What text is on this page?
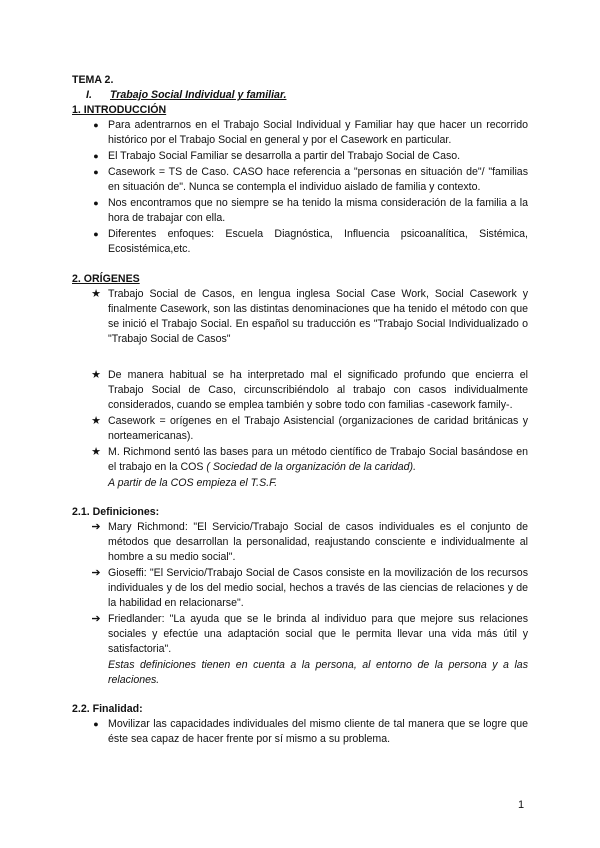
TEMA 2.

I. Trabajo Social Individual y familiar.

1. INTRODUCCIÓN

● Para adentrarnos en el Trabajo Social Individual y Familiar hay que hacer un recorrido histórico por el Trabajo Social en general y por el Casework en particular.
● El Trabajo Social Familiar se desarrolla a partir del Trabajo Social de Caso.
● Casework = TS de Caso. CASO hace referencia a "personas en situación de"/ "familias en situación de". Nunca se contempla el individuo aislado de familia y contexto.
● Nos encontramos que no siempre se ha tenido la misma consideración de la familia a la hora de trabajar con ella.
● Diferentes enfoques: Escuela Diagnóstica, Influencia psicoanalítica, Sistémica, Ecosistémica,etc.

2. ORÍGENES

★ Trabajo Social de Casos, en lengua inglesa Social Case Work, Social Casework y finalmente Casework, son las distintas denominaciones que ha tenido el método con que se inició el Trabajo Social. En español su traducción es "Trabajo Social Individualizado o "Trabajo Social de Casos"
★ De manera habitual se ha interpretado mal el significado profundo que encierra el Trabajo Social de Caso, circunscribiéndolo al trabajo con casos individualmente considerados, cuando se emplea también y sobre todo con familias -casework family-.
★ Casework = orígenes en el Trabajo Asistencial (organizaciones de caridad británicas y norteamericanas).
★ M. Richmond sentó las bases para un método científico de Trabajo Social basándose en el trabajo en la COS ( Sociedad de la organización de la caridad).

A partir de la COS empieza el T.S.F.

2.1. Definiciones:

➔ Mary Richmond: "El Servicio/Trabajo Social de casos individuales es el conjunto de métodos que desarrollan la personalidad, reajustando consciente e individualmente al hombre a su medio social".
➔ Gioseffi: "El Servicio/Trabajo Social de Casos consiste en la movilización de los recursos individuales y de los del medio social, hechos a través de las ciencias de relaciones y de la habilidad en relacionarse".
➔ Friedlander: "La ayuda que se le brinda al individuo para que mejore sus relaciones sociales y efectúe una adaptación social que le permita llevar una vida más útil y satisfactoria".

Estas definiciones tienen en cuenta a la persona, al entorno de la persona y a las relaciones.

2.2. Finalidad:

● Movilizar las capacidades individuales del mismo cliente de tal manera que se logre que éste sea capaz de hacer frente por sí mismo a su problema.
1
